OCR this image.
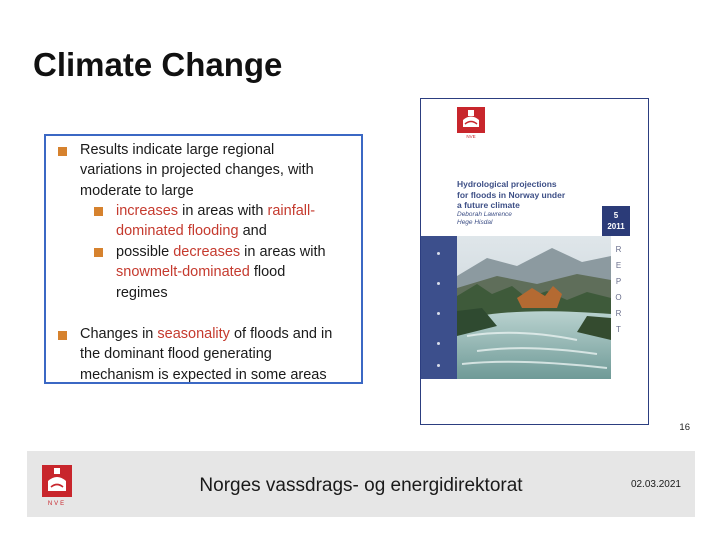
Climate Change
Results indicate large regional
variations in projected changes, with
moderate to large
increases in areas with rainfall-
dominated flooding and
possible decreases in areas with
snowmelt-dominated flood
regimes
Changes in seasonality of floods and in
the dominant flood generating
mechanism is expected in some areas
NVE
Hydrological projections
for floods in Norway under
a future climate
Deborah Lawrence
Hege Hisdal
5
2011
REPORT
16
NVE
Norges vassdrags- og energidirektorat	02.03.2021
